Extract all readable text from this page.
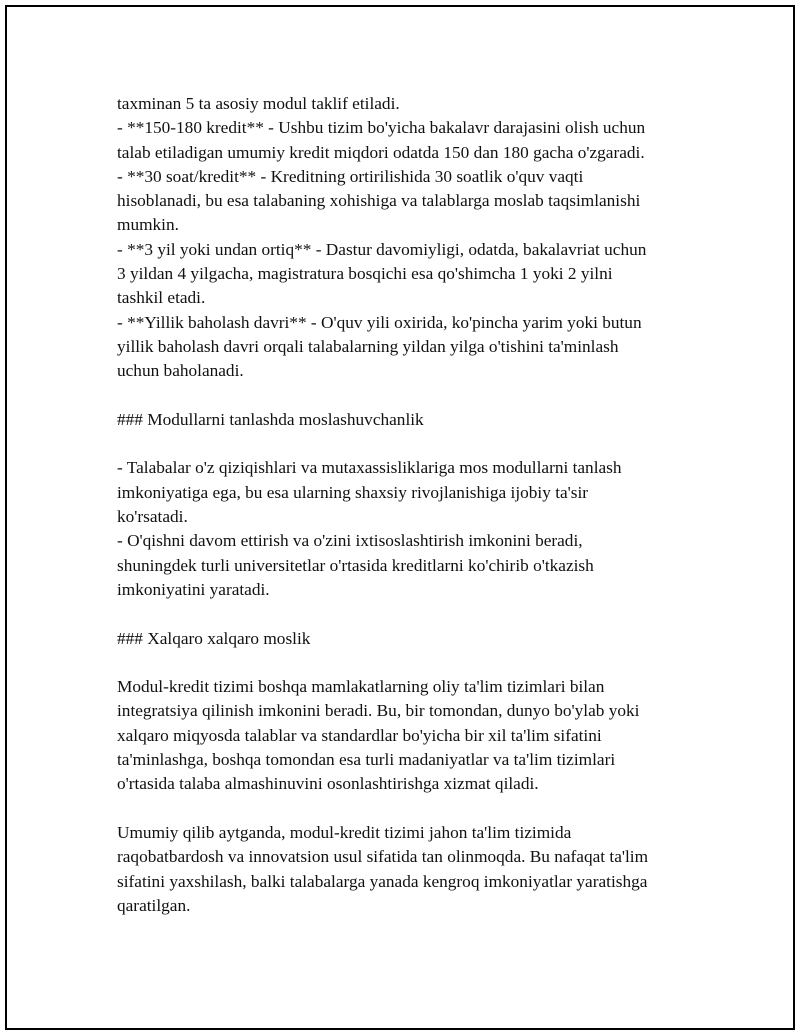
taxminan 5 ta asosiy modul taklif etiladi.

- **150-180 kredit** - Ushbu tizim bo'yicha bakalavr darajasini olish uchun
talab etiladigan umumiy kredit miqdori odatda 150 dan 180 gacha o'zgaradi.

- **30 soat/kredit** - Kreditning ortirilishida 30 soatlik o'quv vaqti
hisoblanadi, bu esa talabaning xohishiga va talablarga moslab taqsimlanishi
mumkin.

- **3 yil yoki undan ortiq** - Dastur davomiyligi, odatda, bakalavriat uchun
3 yildan 4 yilgacha, magistratura bosqichi esa qo'shimcha 1 yoki 2 yilni
tashkil etadi.

- **Yillik baholash davri** - O'quv yili oxirida, ko'pincha yarim yoki butun
yillik baholash davri orqali talabalarning yildan yilga o'tishini ta'minlash
uchun baholanadi.

### Modullarni tanlashda moslashuvchanlik

- Talabalar o'z qiziqishlari va mutaxassisliklariga mos modullarni tanlash
imkoniyatiga ega, bu esa ularning shaxsiy rivojlanishiga ijobiy ta'sir
ko'rsatadi.

- O'qishni davom ettirish va o'zini ixtisoslashtirish imkonini beradi,
shuningdek turli universitetlar o'rtasida kreditlarni ko'chirib o'tkazish
imkoniyatini yaratadi.

### Xalqaro xalqaro moslik

Modul-kredit tizimi boshqa mamlakatlarning oliy ta'lim tizimlari bilan
integratsiya qilinish imkonini beradi. Bu, bir tomondan, dunyo bo'ylab yoki
xalqaro miqyosda talablar va standardlar bo'yicha bir xil ta'lim sifatini
ta'minlashga, boshqa tomondan esa turli madaniyatlar va ta'lim tizimlari
o'rtasida talaba almashinuvini osonlashtirishga xizmat qiladi.

Umumiy qilib aytganda, modul-kredit tizimi jahon ta'lim tizimida
raqobatbardosh va innovatsion usul sifatida tan olinmoqda. Bu nafaqat ta'lim
sifatini yaxshilash, balki talabalarga yanada kengroq imkoniyatlar yaratishga
qaratilgan.
